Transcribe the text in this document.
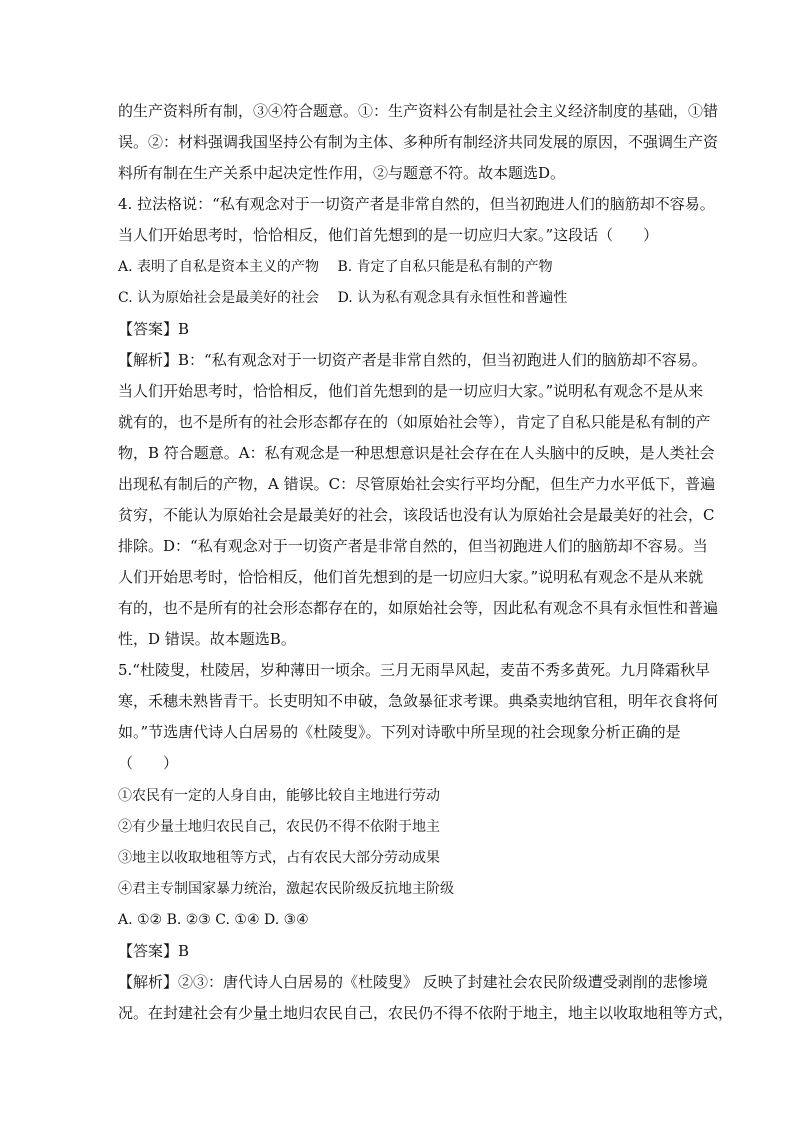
的生产资料所有制，③④符合题意。①：生产资料公有制是社会主义经济制度的基础，①错
误。②：材料强调我国坚持公有制为主体、多种所有制经济共同发展的原因，不强调生产资
料所有制在生产关系中起决定性作用，②与题意不符。故本题选D。
4. 拉法格说：“私有观念对于一切资产者是非常自然的，但当初跑进人们的脑筋却不容易。
当人们开始思考时，恰恰相反，他们首先想到的是一切应归大家。”这段话（　　）
A. 表明了自私是资本主义的产物　 B. 肯定了自私只能是私有制的产物
C. 认为原始社会是最美好的社会　 D. 认为私有观念具有永恒性和普遍性
【答案】B
【解析】B：“私有观念对于一切资产者是非常自然的，但当初跑进人们的脑筋却不容易。
当人们开始思考时，恰恰相反，他们首先想到的是一切应归大家。”说明私有观念不是从来
就有的，也不是所有的社会形态都存在的（如原始社会等），肯定了自私只能是私有制的产
物，B 符合题意。A：私有观念是一种思想意识是社会存在在人头脑中的反映，是人类社会
出现私有制后的产物，A 错误。C：尽管原始社会实行平均分配，但生产力水平低下，普遍
贫穷，不能认为原始社会是最美好的社会，该段话也没有认为原始社会是最美好的社会，C
排除。D：“私有观念对于一切资产者是非常自然的，但当初跑进人们的脑筋却不容易。当
人们开始思考时，恰恰相反，他们首先想到的是一切应归大家。”说明私有观念不是从来就
有的，也不是所有的社会形态都存在的，如原始社会等，因此私有观念不具有永恒性和普遍
性，D 错误。故本题选B。
5.“杜陵叟，杜陵居，岁种薄田一顷余。三月无雨旱风起，麦苗不秀多黄死。九月降霜秋早
寒，禾穗未熟皆青干。长吏明知不申破，急敛暴征求考课。典桑卖地纳官租，明年衣食将何
如。”节选唐代诗人白居易的《杜陵叟》。下列对诗歌中所呈现的社会现象分析正确的是
（　　）
①农民有一定的人身自由，能够比较自主地进行劳动
②有少量土地归农民自己，农民仍不得不依附于地主
③地主以收取地租等方式，占有农民大部分劳动成果
④君主专制国家暴力统治，激起农民阶级反抗地主阶级
A. ①② B. ②③ C. ①④ D. ③④
【答案】B
【解析】②③：唐代诗人白居易的《杜陵叟》 反映了封建社会农民阶级遭受剥削的悲惨境
况。在封建社会有少量土地归农民自己，农民仍不得不依附于地主，地主以收取地租等方式，
